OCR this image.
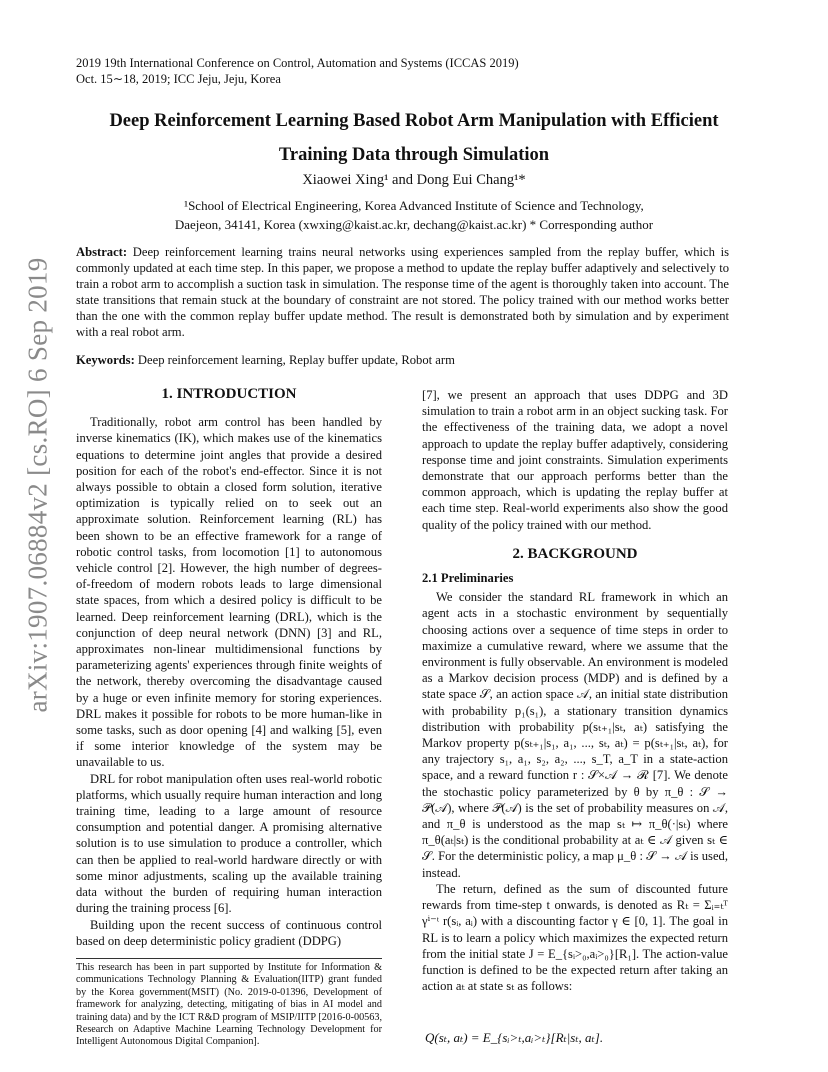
2019 19th International Conference on Control, Automation and Systems (ICCAS 2019)
Oct. 15∼18, 2019; ICC Jeju, Jeju, Korea
Deep Reinforcement Learning Based Robot Arm Manipulation with Efficient
Training Data through Simulation
Xiaowei Xing¹ and Dong Eui Chang¹*
¹School of Electrical Engineering, Korea Advanced Institute of Science and Technology,
Daejeon, 34141, Korea (xwxing@kaist.ac.kr, dechang@kaist.ac.kr) * Corresponding author
Abstract: Deep reinforcement learning trains neural networks using experiences sampled from the replay buffer, which is commonly updated at each time step. In this paper, we propose a method to update the replay buffer adaptively and selectively to train a robot arm to accomplish a suction task in simulation. The response time of the agent is thoroughly taken into account. The state transitions that remain stuck at the boundary of constraint are not stored. The policy trained with our method works better than the one with the common replay buffer update method. The result is demonstrated both by simulation and by experiment with a real robot arm.
Keywords: Deep reinforcement learning, Replay buffer update, Robot arm
arXiv:1907.06884v2 [cs.RO] 6 Sep 2019	1. INTRODUCTION

Traditionally, robot arm control has been handled by inverse kinematics (IK), which makes use of the kinematics equations to determine joint angles that provide a desired position for each of the robot's end-effector. Since it is not always possible to obtain a closed form solution, iterative optimization is typically relied on to seek out an approximate solution. Reinforcement learning (RL) has been shown to be an effective framework for a range of robotic control tasks, from locomotion [1] to autonomous vehicle control [2]. However, the high number of degrees-of-freedom of modern robots leads to large dimensional state spaces, from which a desired policy is difficult to be learned. Deep reinforcement learning (DRL), which is the conjunction of deep neural network (DNN) [3] and RL, approximates non-linear multidimensional functions by parameterizing agents' experiences through finite weights of the network, thereby overcoming the disadvantage caused by a huge or even infinite memory for storing experiences. DRL makes it possible for robots to be more human-like in some tasks, such as door opening [4] and walking [5], even if some interior knowledge of the system may be unavailable to us.

DRL for robot manipulation often uses real-world robotic platforms, which usually require human interaction and long training time, leading to a large amount of resource consumption and potential danger. A promising alternative solution is to use simulation to produce a controller, which can then be applied to real-world hardware directly or with some minor adjustments, scaling up the available training data without the burden of requiring human interaction during the training process [6].

Building upon the recent success of continuous control based on deep deterministic policy gradient (DDPG)

[7], we present an approach that uses DDPG and 3D simulation to train a robot arm in an object sucking task. For the effectiveness of the training data, we adopt a novel approach to update the replay buffer adaptively, considering response time and joint constraints. Simulation experiments demonstrate that our approach performs better than the common approach, which is updating the replay buffer at each time step. Real-world experiments also show the good quality of the policy trained with our method.

2. BACKGROUND
2.1 Preliminaries

We consider the standard RL framework in which an agent acts in a stochastic environment by sequentially choosing actions over a sequence of time steps in order to maximize a cumulative reward, where we assume that the environment is fully observable. An environment is modeled as a Markov decision process (MDP) and is defined by a state space 𝒮, an action space 𝒜, an initial state distribution with probability p₁(s₁), a stationary transition dynamics distribution with probability p(sₜ₊₁|sₜ, aₜ) satisfying the Markov property p(sₜ₊₁|s₁, a₁, ..., sₜ, aₜ) = p(sₜ₊₁|sₜ, aₜ), for any trajectory s₁, a₁, s₂, a₂, ..., s_T, a_T in a state-action space, and a reward function r : 𝒮×𝒜 → ℛ [7]. We denote the stochastic policy parameterized by θ by π_θ : 𝒮 → 𝒫(𝒜), where 𝒫(𝒜) is the set of probability measures on 𝒜, and π_θ is understood as the map sₜ ↦ π_θ(·|sₜ) where π_θ(aₜ|sₜ) is the conditional probability at aₜ ∈ 𝒜 given sₜ ∈ 𝒮. For the deterministic policy, a map μ_θ : 𝒮 → 𝒜 is used, instead.

The return, defined as the sum of discounted future rewards from time-step t onwards, is denoted as Rₜ = Σᵢ₌ₜᵀ γⁱ⁻ᵗ r(sᵢ, aᵢ) with a discounting factor γ ∈ [0, 1]. The goal in RL is to learn a policy which maximizes the expected return from the initial state J = E_{sᵢ>₀,aᵢ>₀}[R₁]. The action-value function is defined to be the expected return after taking an action aₜ at state sₜ as follows:

Q(sₜ, aₜ) = E_{sᵢ>ₜ,aᵢ>ₜ}[Rₜ|sₜ, aₜ].
This research has been in part supported by Institute for Information & communications Technology Planning & Evaluation(IITP) grant funded by the Korea government(MSIT) (No. 2019-0-01396, Development of framework for analyzing, detecting, mitigating of bias in AI model and training data) and by the ICT R&D program of MSIP/IITP [2016-0-00563, Research on Adaptive Machine Learning Technology Development for Intelligent Autonomous Digital Companion].
